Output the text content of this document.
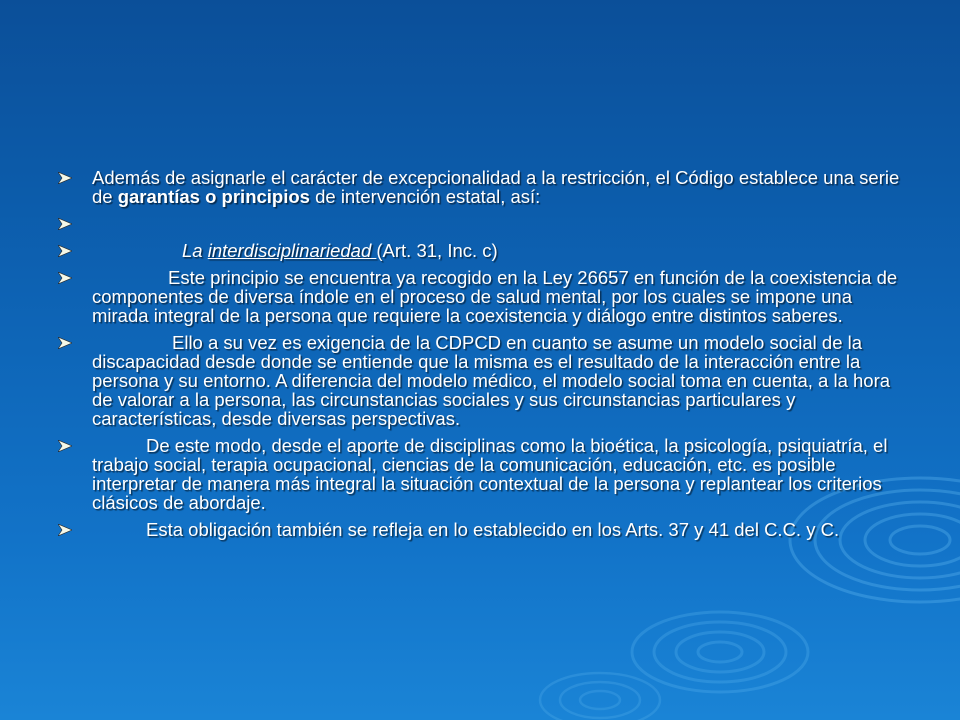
Además de asignarle el carácter de excepcionalidad a la restricción, el Código establece una serie de garantías o principios de intervención estatal, así:
La interdisciplinariedad (Art. 31, Inc. c)
Este principio se encuentra ya recogido en la Ley 26657 en función de la coexistencia de componentes de diversa índole en el proceso de salud mental, por los cuales se impone una mirada integral de la persona que requiere la coexistencia y diálogo entre distintos saberes.
Ello a su vez es exigencia de la CDPCD en cuanto se asume un modelo social de la discapacidad desde donde se entiende que la misma es el resultado de la interacción entre la persona y su entorno. A diferencia del modelo médico, el modelo social toma en cuenta, a la hora de valorar a la persona, las circunstancias sociales y sus circunstancias particulares y características, desde diversas perspectivas.
De este modo, desde el aporte de disciplinas como la bioética, la psicología, psiquiatría, el trabajo social, terapia ocupacional, ciencias de la comunicación, educación, etc. es posible interpretar de manera más integral la situación contextual de la persona y replantear los criterios clásicos de abordaje.
Esta obligación también se refleja en lo establecido en los Arts. 37 y 41 del C.C. y C.
